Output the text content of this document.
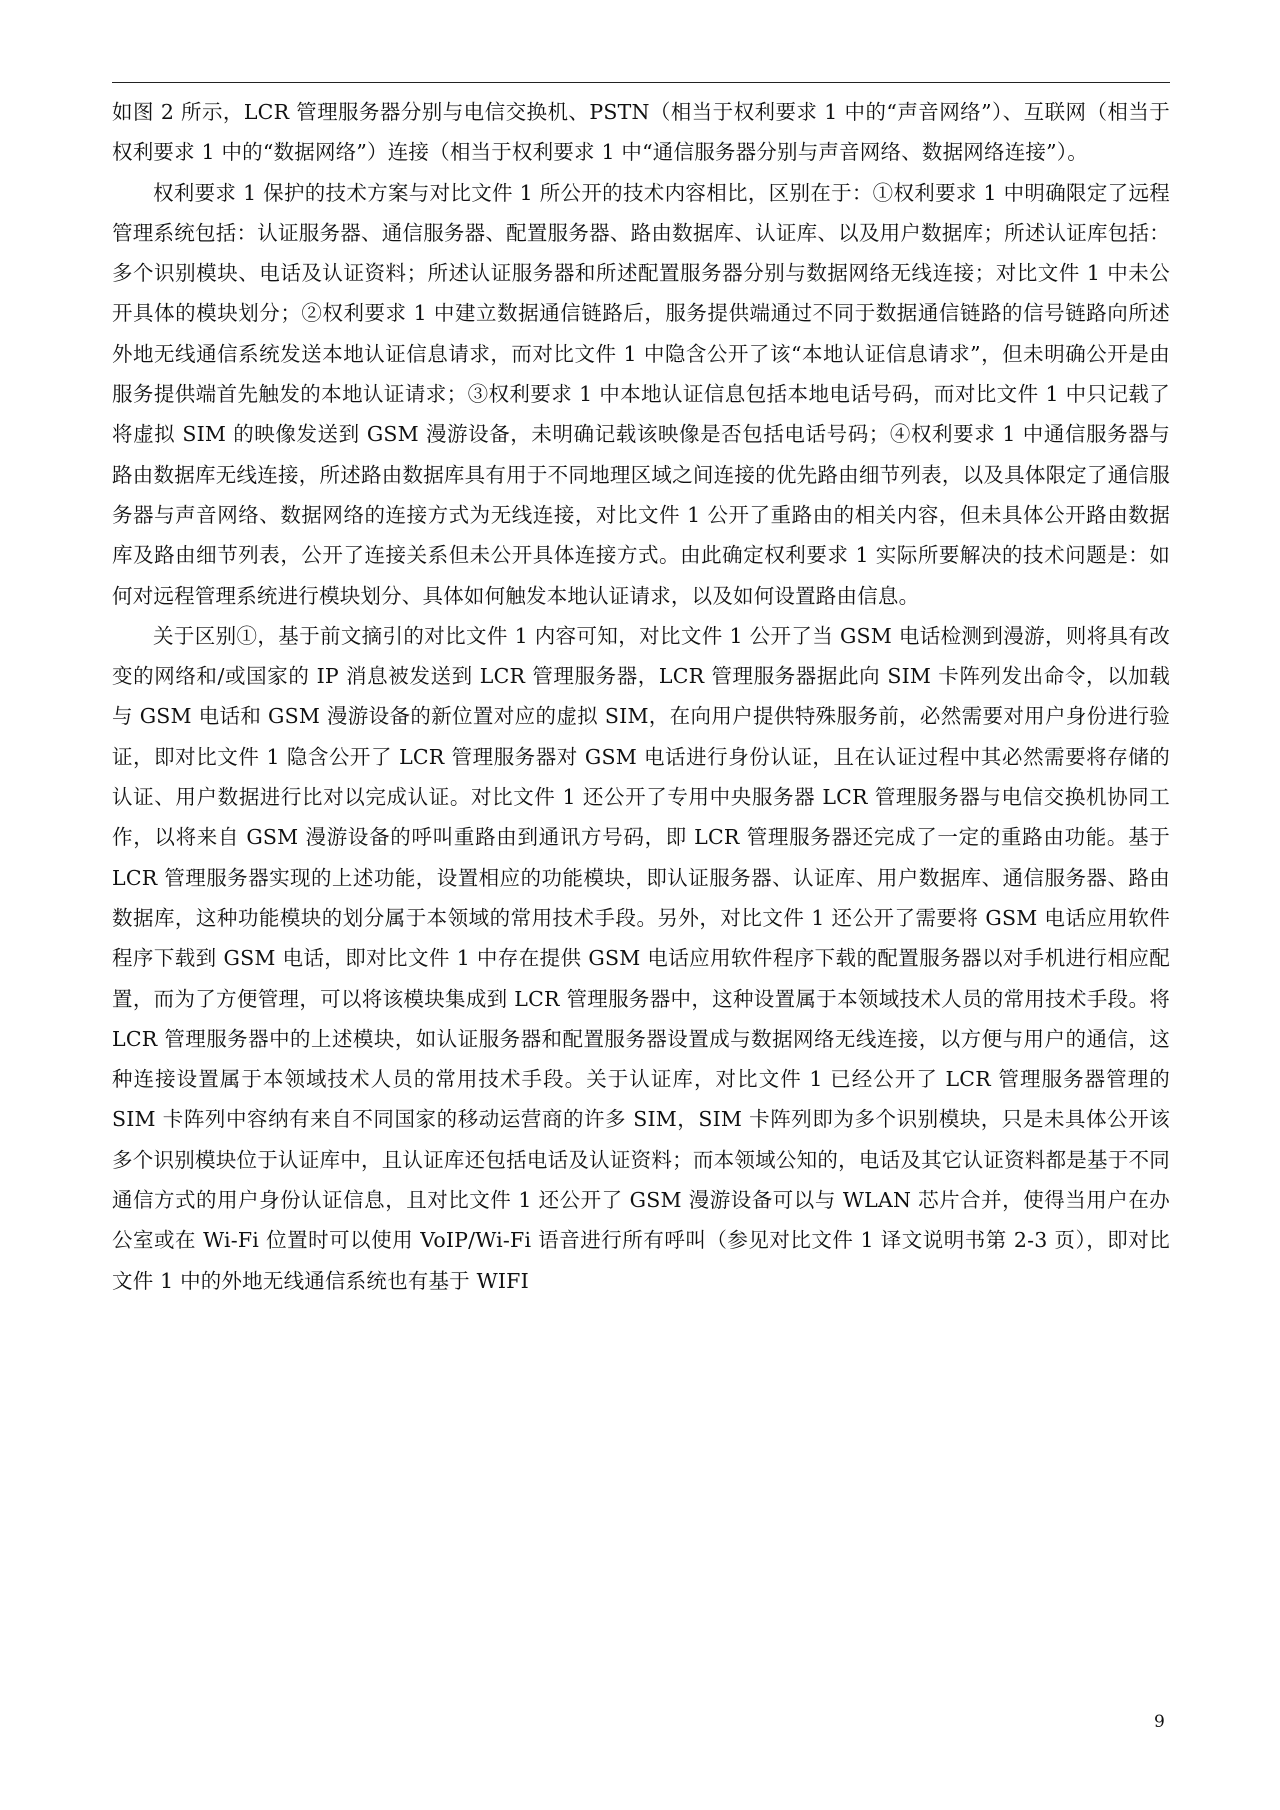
如图 2 所示，LCR 管理服务器分别与电信交换机、PSTN（相当于权利要求 1 中的“声音网络”）、互联网（相当于权利要求 1 中的“数据网络”）连接（相当于权利要求 1 中“通信服务器分别与声音网络、数据网络连接”）。

权利要求 1 保护的技术方案与对比文件 1 所公开的技术内容相比，区别在于：①权利要求 1 中明确限定了远程管理系统包括：认证服务器、通信服务器、配置服务器、路由数据库、认证库、以及用户数据库；所述认证库包括：多个识别模块、电话及认证资料；所述认证服务器和所述配置服务器分别与数据网络无线连接；对比文件 1 中未公开具体的模块划分；②权利要求 1 中建立数据通信链路后，服务提供端通过不同于数据通信链路的信号链路向所述外地无线通信系统发送本地认证信息请求，而对比文件 1 中隐含公开了该“本地认证信息请求”，但未明确公开是由服务提供端首先触发的本地认证请求；③权利要求 1 中本地认证信息包括本地电话号码，而对比文件 1 中只记载了将虚拟 SIM 的映像发送到 GSM 漫游设备，未明确记载该映像是否包括电话号码；④权利要求 1 中通信服务器与路由数据库无线连接，所述路由数据库具有用于不同地理区域之间连接的优先路由细节列表，以及具体限定了通信服务器与声音网络、数据网络的连接方式为无线连接，对比文件 1 公开了重路由的相关内容，但未具体公开路由数据库及路由细节列表，公开了连接关系但未公开具体连接方式。由此确定权利要求 1 实际所要解决的技术问题是：如何对远程管理系统进行模块划分、具体如何触发本地认证请求，以及如何设置路由信息。

关于区别①，基于前文摘引的对比文件 1 内容可知，对比文件 1 公开了当 GSM 电话检测到漫游，则将具有改变的网络和/或国家的 IP 消息被发送到 LCR 管理服务器，LCR 管理服务器据此向 SIM 卡阵列发出命令，以加载与 GSM 电话和 GSM 漫游设备的新位置对应的虚拟 SIM，在向用户提供特殊服务前，必然需要对用户身份进行验证，即对比文件 1 隐含公开了 LCR 管理服务器对 GSM 电话进行身份认证，且在认证过程中其必然需要将存储的认证、用户数据进行比对以完成认证。对比文件 1 还公开了专用中央服务器 LCR 管理服务器与电信交换机协同工作，以将来自 GSM 漫游设备的呼叫重路由到通讯方号码，即 LCR 管理服务器还完成了一定的重路由功能。基于 LCR 管理服务器实现的上述功能，设置相应的功能模块，即认证服务器、认证库、用户数据库、通信服务器、路由数据库，这种功能模块的划分属于本领域的常用技术手段。另外，对比文件 1 还公开了需要将 GSM 电话应用软件程序下载到 GSM 电话，即对比文件 1 中存在提供 GSM 电话应用软件程序下载的配置服务器以对手机进行相应配置，而为了方便管理，可以将该模块集成到 LCR 管理服务器中，这种设置属于本领域技术人员的常用技术手段。将 LCR 管理服务器中的上述模块，如认证服务器和配置服务器设置成与数据网络无线连接，以方便与用户的通信，这种连接设置属于本领域技术人员的常用技术手段。关于认证库，对比文件 1 已经公开了 LCR 管理服务器管理的 SIM 卡阵列中容纳有来自不同国家的移动运营商的许多 SIM，SIM 卡阵列即为多个识别模块，只是未具体公开该多个识别模块位于认证库中，且认证库还包括电话及认证资料；而本领域公知的，电话及其它认证资料都是基于不同通信方式的用户身份认证信息，且对比文件 1 还公开了 GSM 漫游设备可以与 WLAN 芯片合并，使得当用户在办公室或在 Wi-Fi 位置时可以使用 VoIP/Wi-Fi 语音进行所有呼叫（参见对比文件 1 译文说明书第 2-3 页），即对比文件 1 中的外地无线通信系统也有基于 WIFI

9
